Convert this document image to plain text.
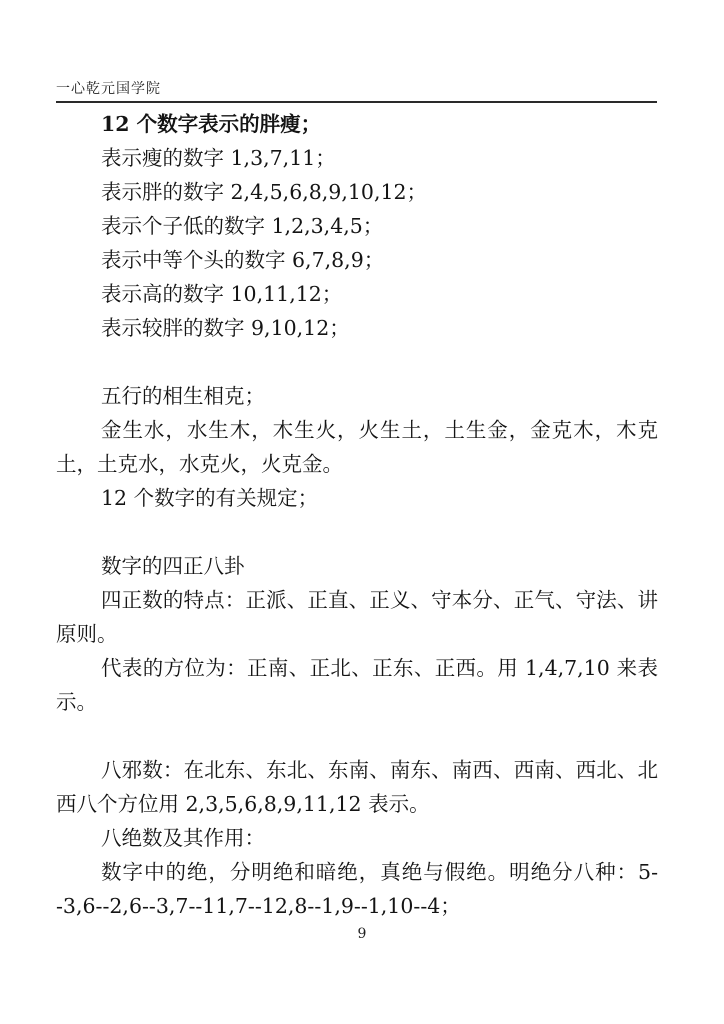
一心乾元国学院

12 个数字表示的胖瘦；

表示瘦的数字 1,3,7,11；

表示胖的数字 2,4,5,6,8,9,10,12；

表示个子低的数字 1,2,3,4,5；

表示中等个头的数字 6,7,8,9；

表示高的数字 10,11,12；

表示较胖的数字 9,10,12；

五行的相生相克；

金生水，水生木，木生火，火生土，土生金，金克木，木克土，土克水，水克火，火克金。

12 个数字的有关规定；

数字的四正八卦

四正数的特点：正派、正直、正义、守本分、正气、守法、讲原则。

代表的方位为：正南、正北、正东、正西。用 1,4,7,10 来表示。

八邪数：在北东、东北、东南、南东、南西、西南、西北、北西八个方位用 2,3,5,6,8,9,11,12 表示。

八绝数及其作用：

数字中的绝，分明绝和暗绝，真绝与假绝。明绝分八种：5--3,6--2,6--3,7--11,7--12,8--1,9--1,10--4；

9
